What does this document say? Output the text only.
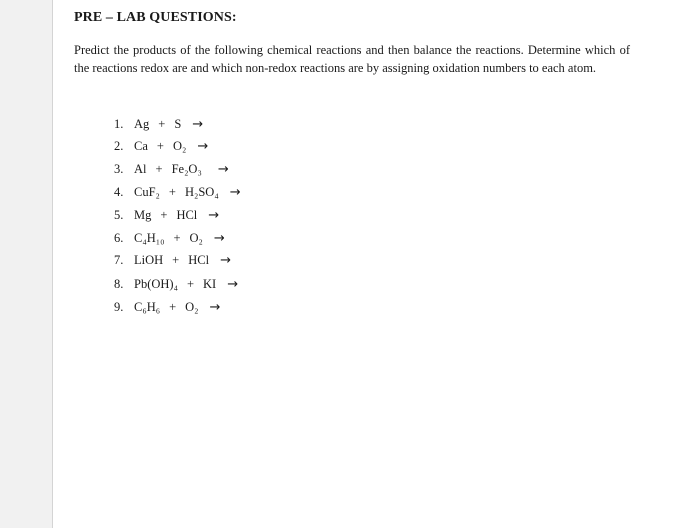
PRE – LAB QUESTIONS:
Predict the products of the following chemical reactions and then balance the reactions. Determine which of the reactions redox are and which non-redox reactions are by assigning oxidation numbers to each atom.
1. Ag + S →
2. Ca + O₂ →
3. Al + Fe₂O₃ →
4. CuF₂ + H₂SO₄ →
5. Mg + HCl →
6. C₄H₁₀ + O₂ →
7. LiOH + HCl →
8. Pb(OH)₄ + KI →
9. C₆H₆ + O₂ →
